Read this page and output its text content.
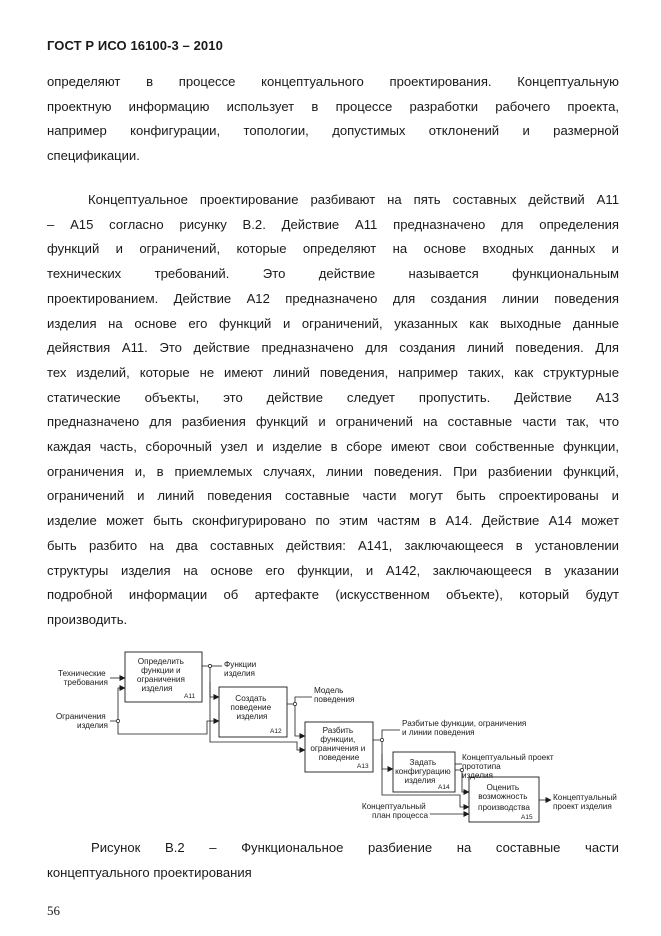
ГОСТ Р ИСО 16100-3 – 2010
определяют в процессе концептуального проектирования. Концептуальную
проектную информацию использует в процессе разработки рабочего проекта,
например конфигурации, топологии, допустимых отклонений и размерной
спецификации.
Концептуальное проектирование разбивают на пять составных действий А11
– А15 согласно рисунку В.2. Действие А11 предназначено для определения
функций и ограничений, которые определяют на основе входных данных и
технических требований. Это действие называется функциональным
проектированием. Действие А12 предназначено для создания линии поведения
изделия на основе его функций и ограничений, указанных как выходные данные
дейяствия А11. Это действие предназначено для создания линий поведения. Для
тех изделий, которые не имеют линий поведения, например таких, как структурные
статические объекты, это действие следует пропустить. Действие А13
предназначено для разбиения функций и ограничений на составные части так, что
каждая часть, сборочный узел и изделие в сборе имеют свои собственные функции,
ограничения и, в приемлемых случаях, линии поведения. При разбиении функций,
ограничений и линий поведения составные части могут быть спроектированы и
изделие может быть сконфигурировано по этим частям в А14. Действие А14 может
быть разбито на два составных действия: А141, заключающееся в установлении
структуры изделия на основе его функции, и А142, заключающееся в указании
подробной информации об артефакте (искусственном объекте), который будут
производить.
Определить функции и ограничения изделия
А11	Создать поведение изделия
А12	Разбить функции, ограничения и поведение
А13	Задать конфигурацию изделия
А14	Оценить возможность производства
А15
Технические требования
Ограничения изделия
Функции изделия
Модель поведения
Разбитые функции, ограничения и линии поведения
Концептуальный проект прототипа изделия
Концептуальный план процесса
Концептуальный проект изделия
Рисунок В.2 – Функциональное разбиение на составные части
концептуального проектирования
56
